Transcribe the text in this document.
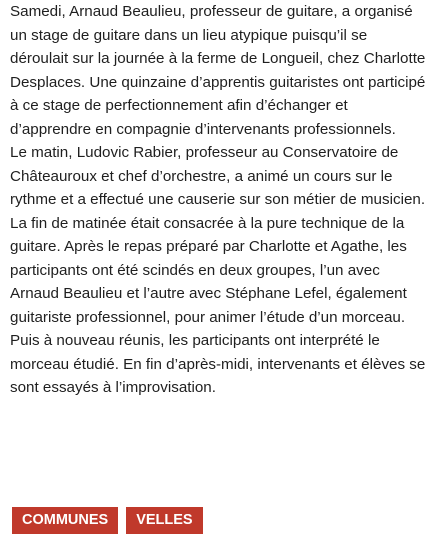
Samedi, Arnaud Beaulieu, professeur de guitare, a organisé un stage de guitare dans un lieu atypique puisqu’il se déroulait sur la journée à la ferme de Longueil, chez Charlotte Desplaces. Une quinzaine d’apprentis guitaristes ont participé à ce stage de perfectionnement afin d’échanger et d’apprendre en compagnie d’intervenants professionnels.

Le matin, Ludovic Rabier, professeur au Conservatoire de Châteauroux et chef d’orchestre, a animé un cours sur le rythme et a effectué une causerie sur son métier de musicien. La fin de matinée était consacrée à la pure technique de la guitare. Après le repas préparé par Charlotte et Agathe, les participants ont été scindés en deux groupes, l’un avec Arnaud Beaulieu et l’autre avec Stéphane Lefel, également guitariste professionnel, pour animer l’étude d’un morceau. Puis à nouveau réunis, les participants ont interprété le morceau étudié. En fin d’après-midi, intervenants et élèves se sont essayés à l’improvisation.

COMMUNES	VELLES
